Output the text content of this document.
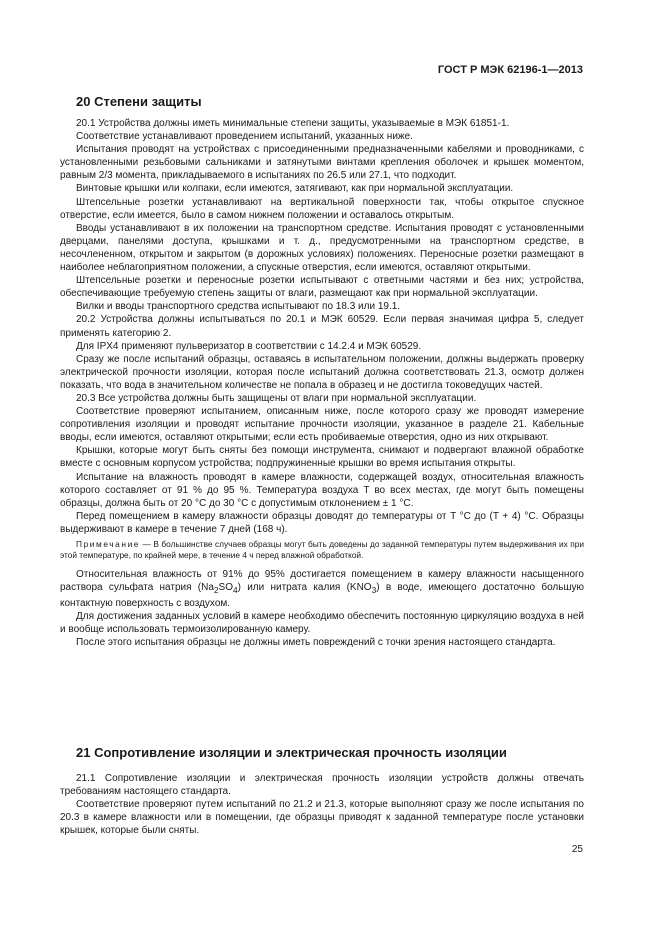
ГОСТ Р МЭК 62196-1—2013
20 Степени защиты

20.1 Устройства должны иметь минимальные степени защиты, указываемые в МЭК 61851-1.

Соответствие устанавливают проведением испытаний, указанных ниже.

Испытания проводят на устройствах с присоединенными предназначенными кабелями и проводниками, с установленными резьбовыми сальниками и затянутыми винтами крепления оболочек и крышек моментом, равным 2/3 момента, прикладываемого в испытаниях по 26.5 или 27.1, что подходит.

Винтовые крышки или колпаки, если имеются, затягивают, как при нормальной эксплуатации.

Штепсельные розетки устанавливают на вертикальной поверхности так, чтобы открытое спускное отверстие, если имеется, было в самом нижнем положении и оставалось открытым.

Вводы устанавливают в их положении на транспортном средстве. Испытания проводят с установленными дверцами, панелями доступа, крышками и т. д., предусмотренными на транспортном средстве, в несочлененном, открытом и закрытом (в дорожных условиях) положениях. Переносные розетки размещают в наиболее неблагоприятном положении, а спускные отверстия, если имеются, оставляют открытыми.

Штепсельные розетки и переносные розетки испытывают с ответными частями и без них; устройства, обеспечивающие требуемую степень защиты от влаги, размещают как при нормальной эксплуатации.

Вилки и вводы транспортного средства испытывают по 18.3 или 19.1.

20.2 Устройства должны испытываться по 20.1 и МЭК 60529. Если первая значимая цифра 5, следует применять категорию 2.

Для IPX4 применяют пульверизатор в соответствии с 14.2.4 и МЭК 60529.

Сразу же после испытаний образцы, оставаясь в испытательном положении, должны выдержать проверку электрической прочности изоляции, которая после испытаний должна соответствовать 21.3, осмотр должен показать, что вода в значительном количестве не попала в образец и не достигла токоведущих частей.

20.3 Все устройства должны быть защищены от влаги при нормальной эксплуатации.

Соответствие проверяют испытанием, описанным ниже, после которого сразу же проводят измерение сопротивления изоляции и проводят испытание прочности изоляции, указанное в разделе 21. Кабельные вводы, если имеются, оставляют открытыми; если есть пробиваемые отверстия, одно из них открывают.

Крышки, которые могут быть сняты без помощи инструмента, снимают и подвергают влажной обработке вместе с основным корпусом устройства; подпружиненные крышки во время испытания открыты.

Испытание на влажность проводят в камере влажности, содержащей воздух, относительная влажность которого составляет от 91 % до 95 %. Температура воздуха T во всех местах, где могут быть помещены образцы, должна быть от 20 °С до 30 °С с допустимым отклонением ± 1 °С.

Перед помещением в камеру влажности образцы доводят до температуры от T °С до (T + 4) °С. Образцы выдерживают в камере в течение 7 дней (168 ч).

Примечание — В большинстве случаев образцы могут быть доведены до заданной температуры путем выдерживания их при этой температуре, по крайней мере, в течение 4 ч перед влажной обработкой.

Относительная влажность от 91% до 95% достигается помещением в камеру влажности насыщенного раствора сульфата натрия $(Na_2SO_4)$ или нитрата калия $(KNO_3)$ в воде, имеющего достаточно большую контактную поверхность с воздухом.

Для достижения заданных условий в камере необходимо обеспечить постоянную циркуляцию воздуха в ней и вообще использовать термоизолированную камеру.

После этого испытания образцы не должны иметь повреждений с точки зрения настоящего стандарта.

21 Сопротивление изоляции и электрическая прочность изоляции

21.1 Сопротивление изоляции и электрическая прочность изоляции устройств должны отвечать требованиям настоящего стандарта.

Соответствие проверяют путем испытаний по 21.2 и 21.3, которые выполняют сразу же после испытания по 20.3 в камере влажности или в помещении, где образцы приводят к заданной температуре после установки крышек, которые были сняты.

25
